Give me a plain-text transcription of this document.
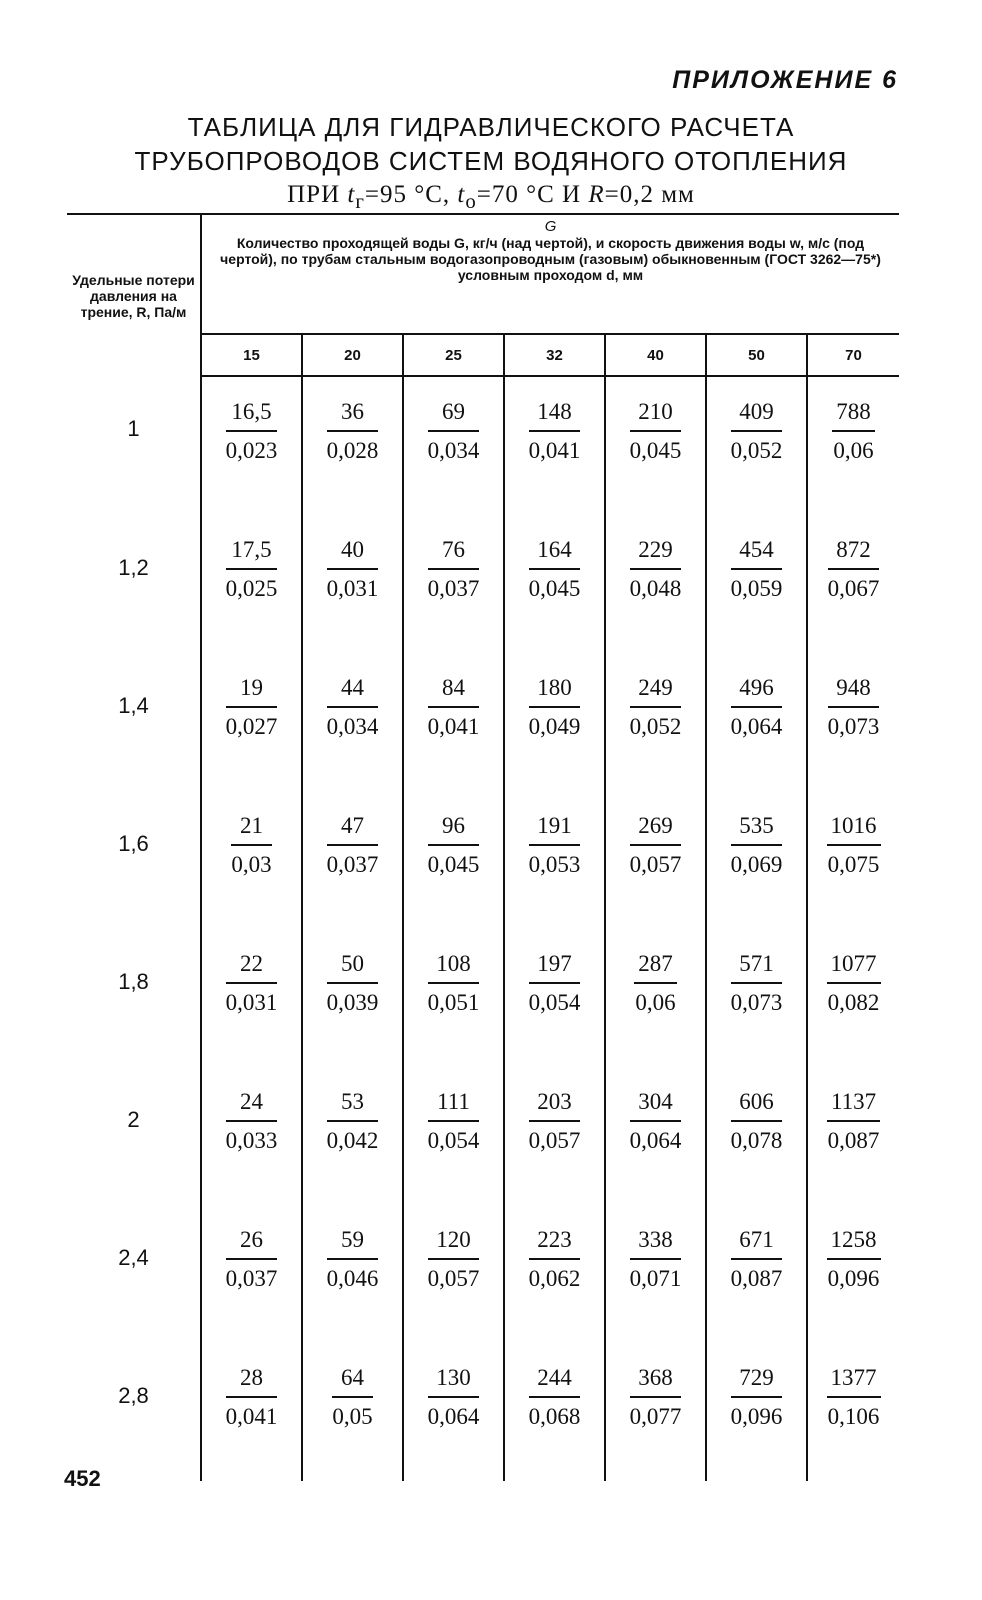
ПРИЛОЖЕНИЕ 6
ТАБЛИЦА ДЛЯ ГИДРАВЛИЧЕСКОГО РАСЧЕТА
ТРУБОПРОВОДОВ СИСТЕМ ВОДЯНОГО ОТОПЛЕНИЯ
ПРИ $t_г=95$ °C, $t_о=70$ °C И R=0,2 мм
Удельные потери давления на трение, R, Па/м	G
Количество проходящей воды G, кг/ч (над чертой), и скорость движения воды w, м/с (под чертой), по трубам стальным водогазопроводным (газовым) обыкновенным (ГОСТ 3262—75*) условным проходом d, мм						
	15	20	25	32	40	50	70
1	$\frac{16,5}{0,023}$	$\frac{36}{0,028}$	$\frac{69}{0,034}$	$\frac{148}{0,041}$	$\frac{210}{0,045}$	$\frac{409}{0,052}$	$\frac{788}{0,06}$

1,2	$\frac{17,5}{0,025}$	$\frac{40}{0,031}$	$\frac{76}{0,037}$	$\frac{164}{0,045}$	$\frac{229}{0,048}$	$\frac{454}{0,059}$	$\frac{872}{0,067}$

1,4	$\frac{19}{0,027}$	$\frac{44}{0,034}$	$\frac{84}{0,041}$	$\frac{180}{0,049}$	$\frac{249}{0,052}$	$\frac{496}{0,064}$	$\frac{948}{0,073}$

1,6	$\frac{21}{0,03}$	$\frac{47}{0,037}$	$\frac{96}{0,045}$	$\frac{191}{0,053}$	$\frac{269}{0,057}$	$\frac{535}{0,069}$	$\frac{1016}{0,075}$

1,8	$\frac{22}{0,031}$	$\frac{50}{0,039}$	$\frac{108}{0,051}$	$\frac{197}{0,054}$	$\frac{287}{0,06}$	$\frac{571}{0,073}$	$\frac{1077}{0,082}$

2	$\frac{24}{0,033}$	$\frac{53}{0,042}$	$\frac{111}{0,054}$	$\frac{203}{0,057}$	$\frac{304}{0,064}$	$\frac{606}{0,078}$	$\frac{1137}{0,087}$

2,4	$\frac{26}{0,037}$	$\frac{59}{0,046}$	$\frac{120}{0,057}$	$\frac{223}{0,062}$	$\frac{338}{0,071}$	$\frac{671}{0,087}$	$\frac{1258}{0,096}$

2,8	$\frac{28}{0,041}$	$\frac{64}{0,05}$	$\frac{130}{0,064}$	$\frac{244}{0,068}$	$\frac{368}{0,077}$	$\frac{729}{0,096}$	$\frac{1377}{0,106}$
452
